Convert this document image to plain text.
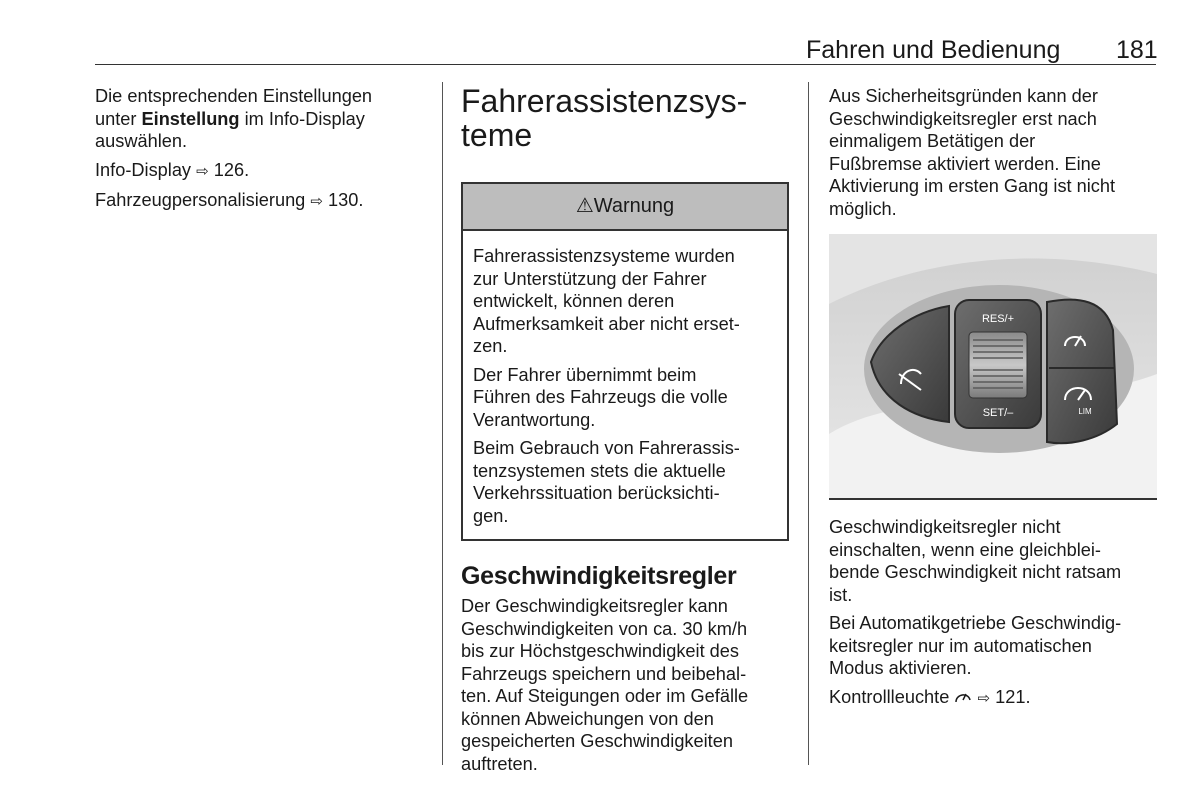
Fahren und Bedienung 181

Die entsprechenden Einstellungen
unter Einstellung im Info-Display
auswählen.

Info-Display ⇨ 126.

Fahrzeugpersonalisierung ⇨ 130.

Fahrerassistenzsys-
teme
⚠Warnung

Fahrerassistenzsysteme wurden
zur Unterstützung der Fahrer
entwickelt, können deren
Aufmerksamkeit aber nicht erset-
zen.

Der Fahrer übernimmt beim
Führen des Fahrzeugs die volle
Verantwortung.

Beim Gebrauch von Fahrerassis-
tenzsystemen stets die aktuelle
Verkehrssituation berücksichti-
gen.

Geschwindigkeitsregler

Der Geschwindigkeitsregler kann
Geschwindigkeiten von ca. 30 km/h
bis zur Höchstgeschwindigkeit des
Fahrzeugs speichern und beibehal-
ten. Auf Steigungen oder im Gefälle
können Abweichungen von den
gespeicherten Geschwindigkeiten
auftreten.

Aus Sicherheitsgründen kann der
Geschwindigkeitsregler erst nach
einmaligem Betätigen der
Fußbremse aktiviert werden. Eine
Aktivierung im ersten Gang ist nicht
möglich.

RES/+
SET/–	LIM

Geschwindigkeitsregler nicht
einschalten, wenn eine gleichblei-
bende Geschwindigkeit nicht ratsam
ist.

Bei Automatikgetriebe Geschwindig-
keitsregler nur im automatischen
Modus aktivieren.

Kontrollleuchte ⇨ 121.
